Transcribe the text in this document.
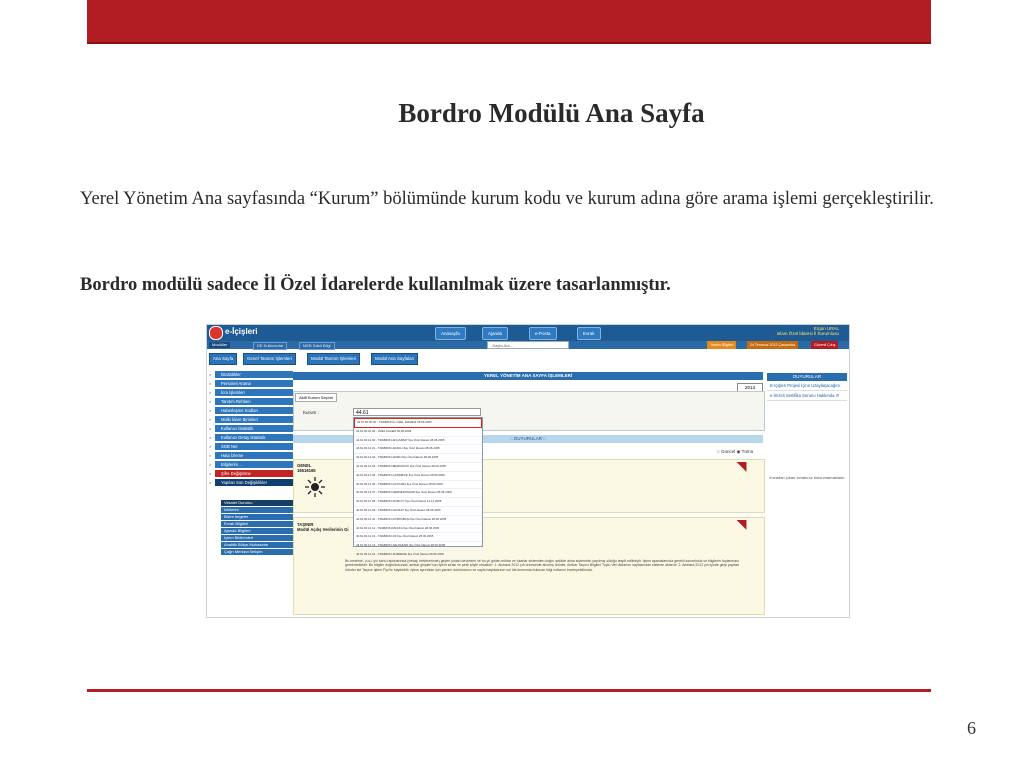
Bordro Modülü Ana Sayfa
Yerel Yönetim Ana sayfasında “Kurum” bölümünde kurum kodu ve kurum adına göre arama işlemi gerçekleştirilir.
Bordro modülü sadece İl Özel İdarelerde kullanılmak üzere tasarlanmıştır.
e-İçişleri	Anasayfa	Ajanda	e-Posta	Evrak
Ergün URAL
Islam Özel İdaresi İl Sorumlusu
Modüller	DE Kullanıcılar	MEB Sabit Bilgi	-Sayfa Ara...	Yerelin Bilgileri	24 Temmuz 2012 Çarşamba	Güvenli Çıkış
Ana Sayfa	Genel Tanıtım İşlemleri	Modül Tanıtım İşlemleri	Modül Ana Sayfaları
> İstatistikler
> Personel Arama
> İcra İşlemleri
> Tanıtım Rehberi
> Haberleşme Kodları
> Mülki İdare Birimleri
> Kullanıcı İstatistik
> Kullanıcı Detay İstatistik
> SGB Net
> Hata İzleme
> Bilgilerim ...
> Şifre Değiştirme
> Yapılan Son Değişiklikler
Vekalet Durumu
İzinlerim
Bizim İmgeler
Evrak Bilgileri
Ajanda Bilgileri
İçlem Bildirimleri
Analitik Bütçe Muhasebe
Çağrı Merkezi İletişim
YEREL YÖNETİM ANA SAYFA İŞLEMLERİ
2013
Aktif Kurum Seçimi
Kurum :	44.61
:: DUYURULAR ::
○ Güncel ◉ Tümü
GENEL
16516165
TAŞINIR
Modül Açılış Verilerinin Gi
Bu nedenle, 2012 yılı sonu raporlarında (hesap cetvellerinde) geçen yıldan devreden ve bu yıl girilen miktar ve tutarlar sistemden doğru şekilde alma sisteminin yapılmış olduğu tespit edilmiştir. İşlem aşamalarında gerekli sorumluluk ve bilgilerin toplanması gerekmektedir. Bu bilgiler doğrultusunda, ambar girişleri için işlem sırası ve şekli şöyle olmalıdır: 1. Ambara 2012 yılı öncesinde alınmış ürünler, Ambar Taşınır Bilgileri Toplu Veri Aktarımı sayfasından sisteme aktarılır. 2. Ambara 2012 yılı içinde girişi yapılan ürünler ise Taşınır İşlem Fişi ile kaydedilir. İşlem ayrıntıları için yardım dokümanını ve sayfa başlıklarının sol üst kısmında bulunan bilgi notlarını inceleyebilirsiniz.
44.61.00.00.00 - TRABZON İL ÖZEL İDARESİ 28.06.2005
44.61.00.01.00 - ÖZEL KALEM 06.08.2009
44.61.00.12.00 - TRABZON-AKÇAABAT İlçe Özel İdaresi 28.06.2005
44.61.00.12.01 - TRABZON-ARAKLI İlçe Özel İdaresi 28.06.2005
44.61.00.12.02 - TRABZON-ARSİN İlçe Özel İdaresi 28.06.2005
44.61.00.12.04 - TRABZON-BEŞİKDÜZÜ İlçe Özel İdaresi 28.06.2005
44.61.00.12.05 - TRABZON-ÇARŞIBAŞI İlçe Özel İdaresi 28.06.2005
44.61.00.12.06 - TRABZON-ÇAYKARA İlçe Özel İdaresi 28.06.2005
44.61.00.12.07 - TRABZON-DERNEKPAZARI İlçe Özel İdaresi 28.06.2005
44.61.00.12.08 - TRABZON-DÜZKÖY İlçe Özel İdaresi 14.12.2005
44.61.00.12.09 - TRABZON-HAYRAT İlçe Özel İdaresi 28.06.2005
44.61.00.12.10 - TRABZON-KÖPRÜBAŞI İlçe Özel İdaresi 28.06.2005
44.61.00.12.11 - TRABZON-MAÇKA İlçe Özel İdaresi 28.06.2005
44.61.00.12.12 - TRABZON-OF İlçe Özel İdaresi 28.06.2005
44.61.00.12.13 - TRABZON-ŞALPAZARI İlçe Özel İdaresi 28.06.2005
44.61.00.12.14 - TRABZON-SÜRMENE İlçe Özel İdaresi 28.06.2005
DUYURULAR
E-Içişleri Projesi İçine Uzaylaşacağım
e-İmzeli Sertifika Sorunu Hakkında !!!
İmzadan çıkan evrakınız bulunmamaktadır
6
